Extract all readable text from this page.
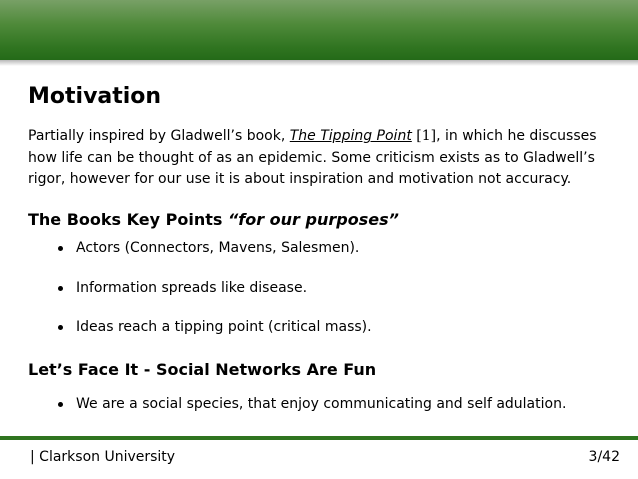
Motivation

Partially inspired by Gladwell’s book, The Tipping Point [1], in which he discusses
how life can be thought of as an epidemic. Some criticism exists as to Gladwell’s
rigor, however for our use it is about inspiration and motivation not accuracy.

The Books Key Points “for our purposes”
Actors (Connectors, Mavens, Salesmen).
Information spreads like disease.
Ideas reach a tipping point (critical mass).
Let’s Face It - Social Networks Are Fun
We are a social species, that enjoy communicating and self adulation.
| Clarkson University	3/42
